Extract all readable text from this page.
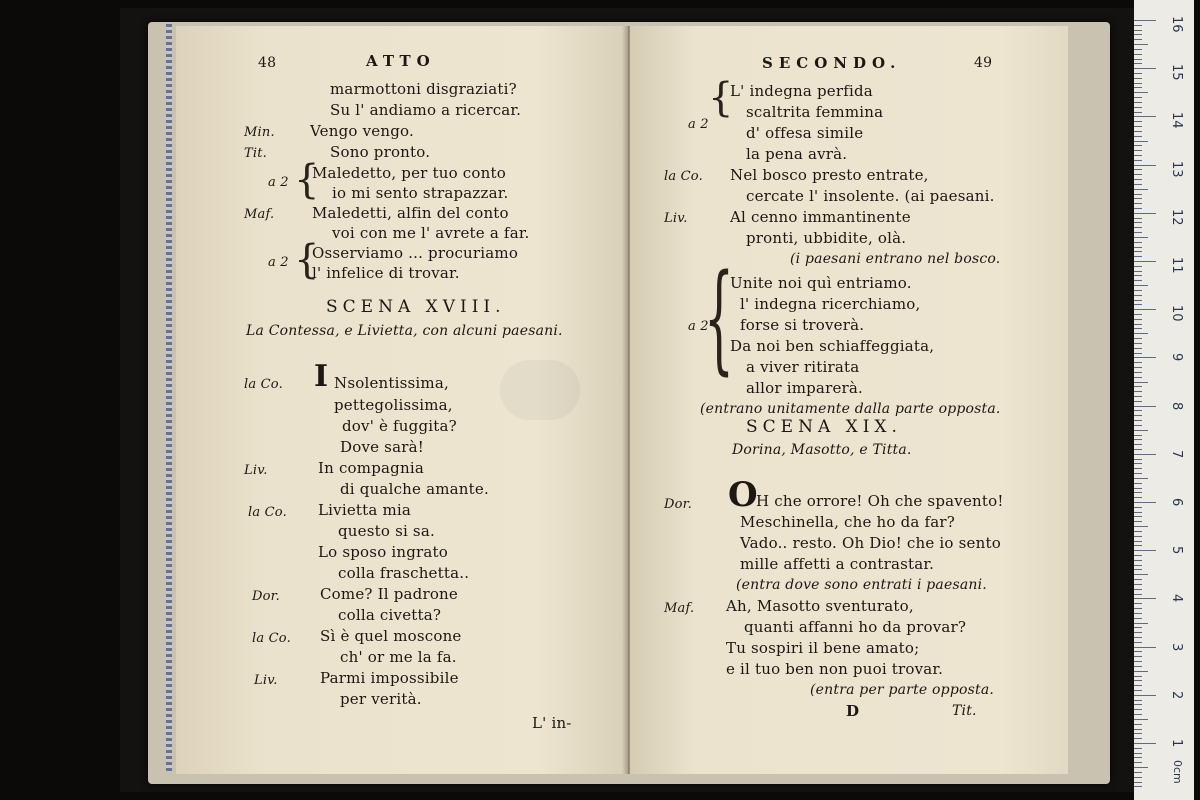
48	ATTO
marmottoni disgraziati?
Su l' andiamo a ricercar.
Min. Vengo vengo.
Tit.	Sono pronto.
{
Maledetto, per tuo conto
a 2
io mi sento strapazzar.
Maf.	Maledetti, alfin del conto
voi con me l' avrete a far.
{
Osserviamo ... procuriamo
a 2
l' infelice di trovar.
SCENA XVIII.
La Contessa, e Livietta, con alcuni paesani.
la Co. I Nsolentissima,
pettegolissima,
dov' è fuggita?
Dove sarà!
Liv.	In compagnia
di qualche amante.
la Co. Livietta mia
questo si sa.
Lo sposo ingrato
colla fraschetta..
Dor.	Come? Il padrone
colla civetta?
la Co. Sì è quel moscone
ch' or me la fa.
Liv.	Parmi impossibile
per verità.
L' in-
SECONDO.	49
{
L' indegna perfida
scaltrita femmina
a 2 d' offesa simile
la pena avrà.
la Co. Nel bosco presto entrate,
cercate l' insolente. (ai paesani.
Liv.	Al cenno immantinente
pronti, ubbidite, olà.
(i paesani entrano nel bosco.
{
Unite noi quì entriamo.
l' indegna ricerchiamo,
forse si troverà.
a 2
Da noi ben schiaffeggiata,
a viver ritirata
allor imparerà.
(entrano unitamente dalla parte opposta.
SCENA XIX.
Dorina, Masotto, e Titta.
Dor. O
H che orrore! Oh che spavento!
Meschinella, che ho da far?
Vado.. resto. Oh Dio! che io sento
mille affetti a contrastar.
(entra dove sono entrati i paesani.
Maf. Ah, Masotto sventurato,
quanti affanni ho da provar?
Tu sospiri il bene amato;
e il tuo ben non puoi trovar.
(entra per parte opposta.
D	Tit.
16
15
14
13
12
11
10
9
8
7
6
5
4
3
2
1
0cm
